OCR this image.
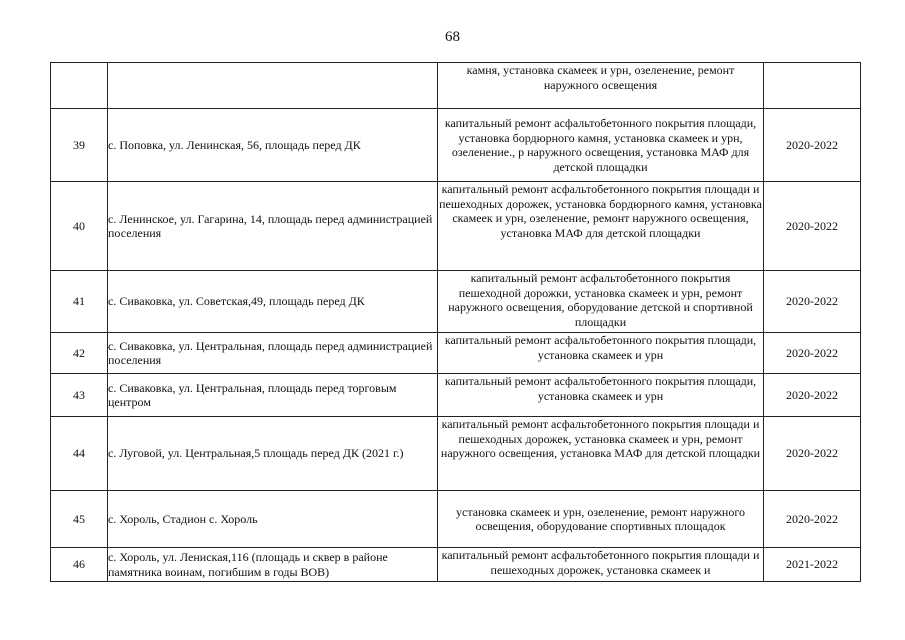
68
		камня, установка скамеек и урн, озеленение, ремонт наружного освещения	
39	с. Поповка, ул. Ленинская, 56, площадь перед ДК	капитальный ремонт асфальтобетонного покрытия площади, установка бордюрного камня, установка скамеек и урн, озеленение., р наружного освещения, установка МАФ для детской площадки	2020-2022
40	с. Ленинское, ул. Гагарина, 14, площадь перед администрацией поселения	капитальный ремонт асфальтобетонного покрытия площади и пешеходных дорожек, установка бордюрного камня, установка скамеек и урн, озеленение, ремонт наружного освещения, установка МАФ для детской площадки	2020-2022
41	с. Сиваковка, ул. Советская,49, площадь перед ДК	капитальный ремонт асфальтобетонного покрытия пешеходной дорожки, установка скамеек и урн, ремонт наружного освещения, оборудование детской и спортивной площадки	2020-2022
42	с. Сиваковка, ул. Центральная, площадь перед администрацией поселения	капитальный ремонт асфальтобетонного покрытия площади, установка скамеек и урн	2020-2022
43	с. Сиваковка, ул. Центральная, площадь перед торговым центром	капитальный ремонт асфальтобетонного покрытия площади, установка скамеек и урн	2020-2022
44	с. Луговой, ул. Центральная,5 площадь перед ДК (2021 г.)	капитальный ремонт асфальтобетонного покрытия площади и пешеходных дорожек, установка скамеек и урн, ремонт наружного освещения, установка МАФ для детской площадки	2020-2022
45	с. Хороль, Стадион с. Хороль	установка скамеек и урн, озеленение, ремонт наружного освещения, оборудование спортивных площадок	2020-2022
46	с. Хороль, ул. Лениская,116 (площадь и сквер в районе памятника воинам, погибшим в годы ВОВ)	капитальный ремонт асфальтобетонного покрытия площади и пешеходных дорожек, установка скамеек и	2021-2022
